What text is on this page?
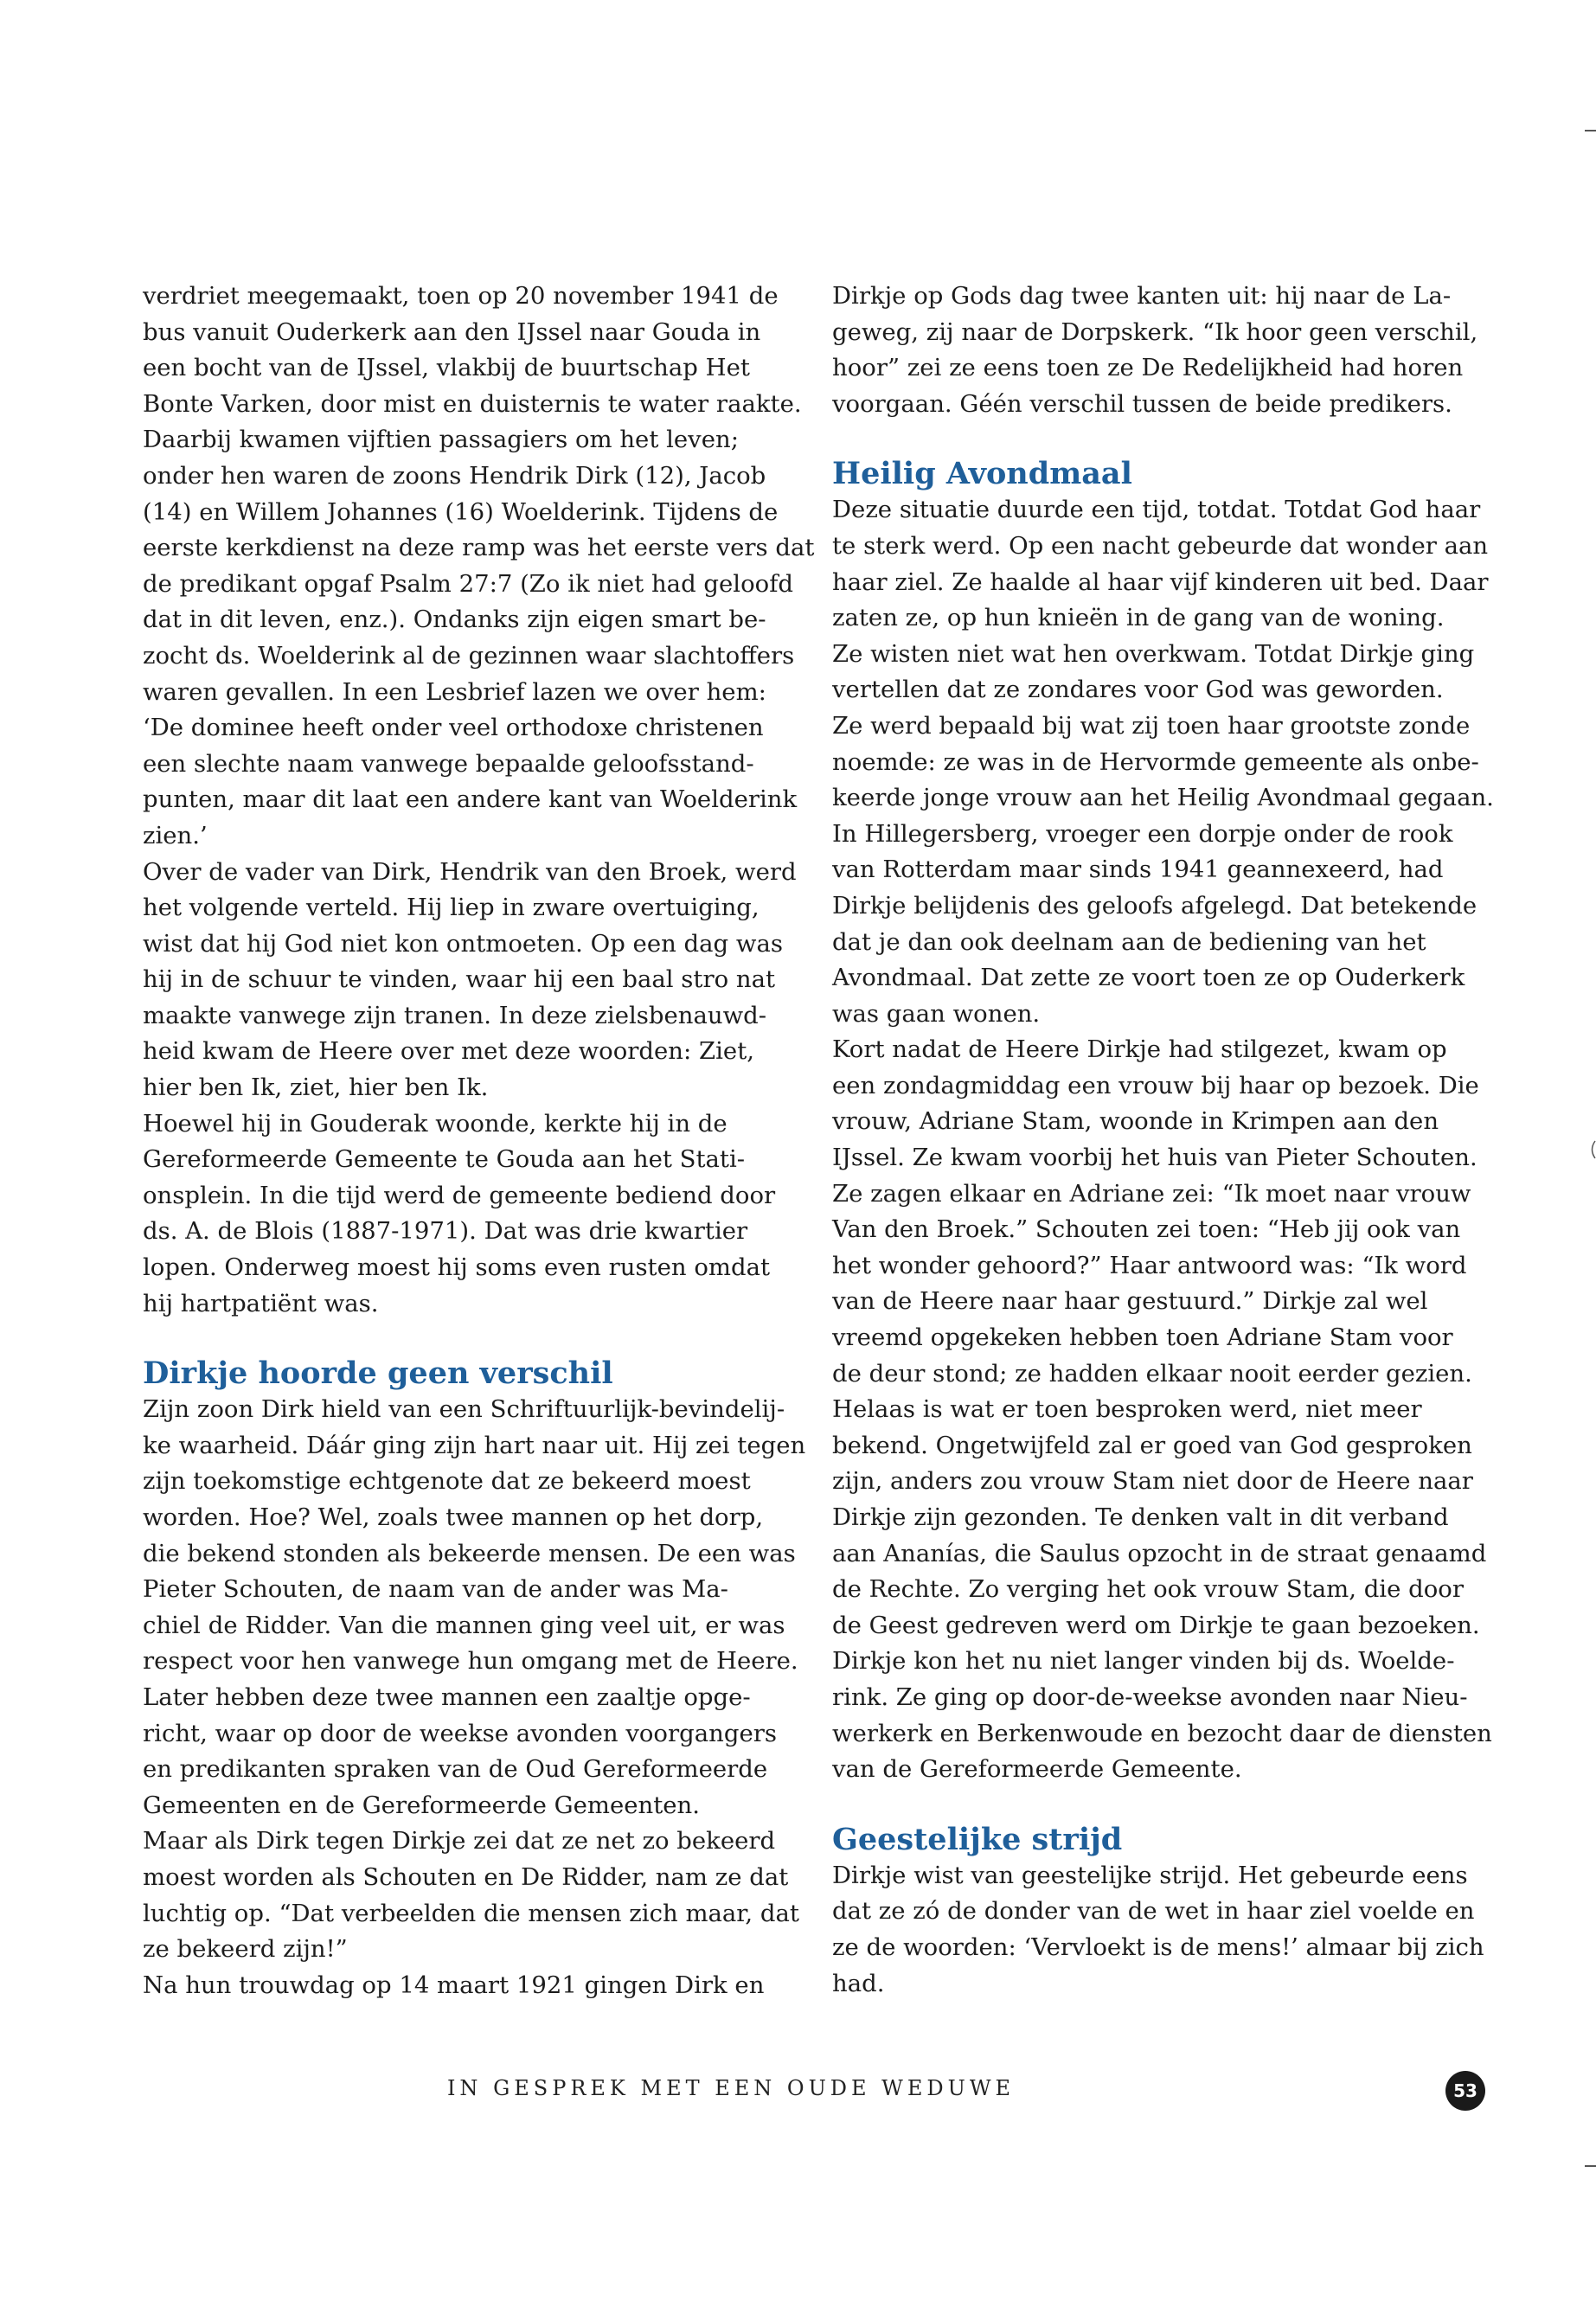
verdriet meegemaakt, toen op 20 november 1941 de
bus vanuit Ouderkerk aan den IJssel naar Gouda in
een bocht van de IJssel, vlakbij de buurtschap Het
Bonte Varken, door mist en duisternis te water raakte.
Daarbij kwamen vijftien passagiers om het leven;
onder hen waren de zoons Hendrik Dirk (12), Jacob
(14) en Willem Johannes (16) Woelderink. Tijdens de
eerste kerkdienst na deze ramp was het eerste vers dat
de predikant opgaf Psalm 27:7 (Zo ik niet had geloofd
dat in dit leven, enz.). Ondanks zijn eigen smart be-
zocht ds. Woelderink al de gezinnen waar slachtoffers
waren gevallen. In een Lesbrief lazen we over hem:
‘De dominee heeft onder veel orthodoxe christenen
een slechte naam vanwege bepaalde geloofsstand-
punten, maar dit laat een andere kant van Woelderink
zien.’

Over de vader van Dirk, Hendrik van den Broek, werd
het volgende verteld. Hij liep in zware overtuiging,
wist dat hij God niet kon ontmoeten. Op een dag was
hij in de schuur te vinden, waar hij een baal stro nat
maakte vanwege zijn tranen. In deze zielsbenauwd-
heid kwam de Heere over met deze woorden: Ziet,
hier ben Ik, ziet, hier ben Ik.

Hoewel hij in Gouderak woonde, kerkte hij in de
Gereformeerde Gemeente te Gouda aan het Stati-
onsplein. In die tijd werd de gemeente bediend door
ds. A. de Blois (1887-1971). Dat was drie kwartier
lopen. Onderweg moest hij soms even rusten omdat
hij hartpatiënt was.

Dirkje hoorde geen verschil

Zijn zoon Dirk hield van een Schriftuurlijk-bevindelij-
ke waarheid. Dáár ging zijn hart naar uit. Hij zei tegen
zijn toekomstige echtgenote dat ze bekeerd moest
worden. Hoe? Wel, zoals twee mannen op het dorp,
die bekend stonden als bekeerde mensen. De een was
Pieter Schouten, de naam van de ander was Ma-
chiel de Ridder. Van die mannen ging veel uit, er was
respect voor hen vanwege hun omgang met de Heere.
Later hebben deze twee mannen een zaaltje opge-
richt, waar op door de weekse avonden voorgangers
en predikanten spraken van de Oud Gereformeerde
Gemeenten en de Gereformeerde Gemeenten.

Maar als Dirk tegen Dirkje zei dat ze net zo bekeerd
moest worden als Schouten en De Ridder, nam ze dat
luchtig op. “Dat verbeelden die mensen zich maar, dat
ze bekeerd zijn!”

Na hun trouwdag op 14 maart 1921 gingen Dirk en

Dirkje op Gods dag twee kanten uit: hij naar de La-
geweg, zij naar de Dorpskerk. “Ik hoor geen verschil,
hoor” zei ze eens toen ze De Redelijkheid had horen
voorgaan. Géén verschil tussen de beide predikers.

Heilig Avondmaal

Deze situatie duurde een tijd, totdat. Totdat God haar
te sterk werd. Op een nacht gebeurde dat wonder aan
haar ziel. Ze haalde al haar vijf kinderen uit bed. Daar
zaten ze, op hun knieën in de gang van de woning.
Ze wisten niet wat hen overkwam. Totdat Dirkje ging
vertellen dat ze zondares voor God was geworden.

Ze werd bepaald bij wat zij toen haar grootste zonde
noemde: ze was in de Hervormde gemeente als onbe-
keerde jonge vrouw aan het Heilig Avondmaal gegaan.
In Hillegersberg, vroeger een dorpje onder de rook
van Rotterdam maar sinds 1941 geannexeerd, had
Dirkje belijdenis des geloofs afgelegd. Dat betekende
dat je dan ook deelnam aan de bediening van het
Avondmaal. Dat zette ze voort toen ze op Ouderkerk
was gaan wonen.

Kort nadat de Heere Dirkje had stilgezet, kwam op
een zondagmiddag een vrouw bij haar op bezoek. Die
vrouw, Adriane Stam, woonde in Krimpen aan den
IJssel. Ze kwam voorbij het huis van Pieter Schouten.
Ze zagen elkaar en Adriane zei: “Ik moet naar vrouw
Van den Broek.” Schouten zei toen: “Heb jij ook van
het wonder gehoord?” Haar antwoord was: “Ik word
van de Heere naar haar gestuurd.” Dirkje zal wel
vreemd opgekeken hebben toen Adriane Stam voor
de deur stond; ze hadden elkaar nooit eerder gezien.
Helaas is wat er toen besproken werd, niet meer
bekend. Ongetwijfeld zal er goed van God gesproken
zijn, anders zou vrouw Stam niet door de Heere naar
Dirkje zijn gezonden. Te denken valt in dit verband
aan Ananías, die Saulus opzocht in de straat genaamd
de Rechte. Zo verging het ook vrouw Stam, die door
de Geest gedreven werd om Dirkje te gaan bezoeken.
Dirkje kon het nu niet langer vinden bij ds. Woelde-
rink. Ze ging op door-de-weekse avonden naar Nieu-
werkerk en Berkenwoude en bezocht daar de diensten
van de Gereformeerde Gemeente.

Geestelijke strijd

Dirkje wist van geestelijke strijd. Het gebeurde eens
dat ze zó de donder van de wet in haar ziel voelde en
ze de woorden: ‘Vervloekt is de mens!’ almaar bij zich
had.

IN GESPREK MET EEN OUDE WEDUWE	53
